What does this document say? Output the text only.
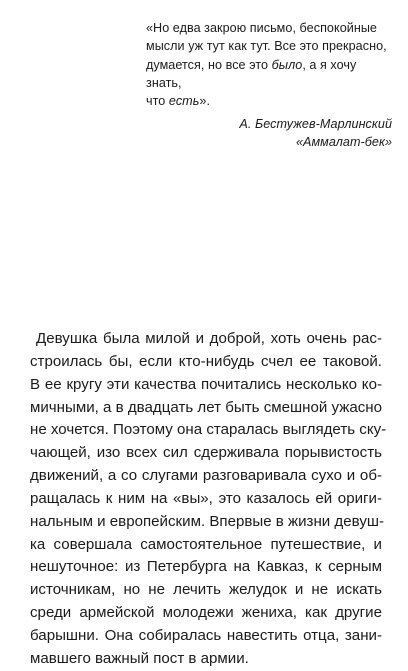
«Но едва закрою письмо, беспокойные
мысли уж тут как тут. Все это прекрасно,
думается, но все это было, а я хочу знать,
что есть».

А. Бестужев-Марлинский
«Аммалат-бек»
Девушка была милой и доброй, хоть очень рас-
строилась бы, если кто-нибудь счел ее таковой.
В ее кругу эти качества почитались несколько ко-
мичными, а в двадцать лет быть смешной ужасно
не хочется. Поэтому она старалась выглядеть ску-
чающей, изо всех сил сдерживала порывистость
движений, а со слугами разговаривала сухо и об-
ращалась к ним на «вы», это казалось ей ориги-
нальным и европейским. Впервые в жизни девуш-
ка совершала самостоятельное путешествие, и
нешуточное: из Петербурга на Кавказ, к серным
источникам, но не лечить желудок и не искать
среди армейской молодежи жениха, как другие
барышни. Она собиралась навестить отца, зани-
мавшего важный пост в армии.
